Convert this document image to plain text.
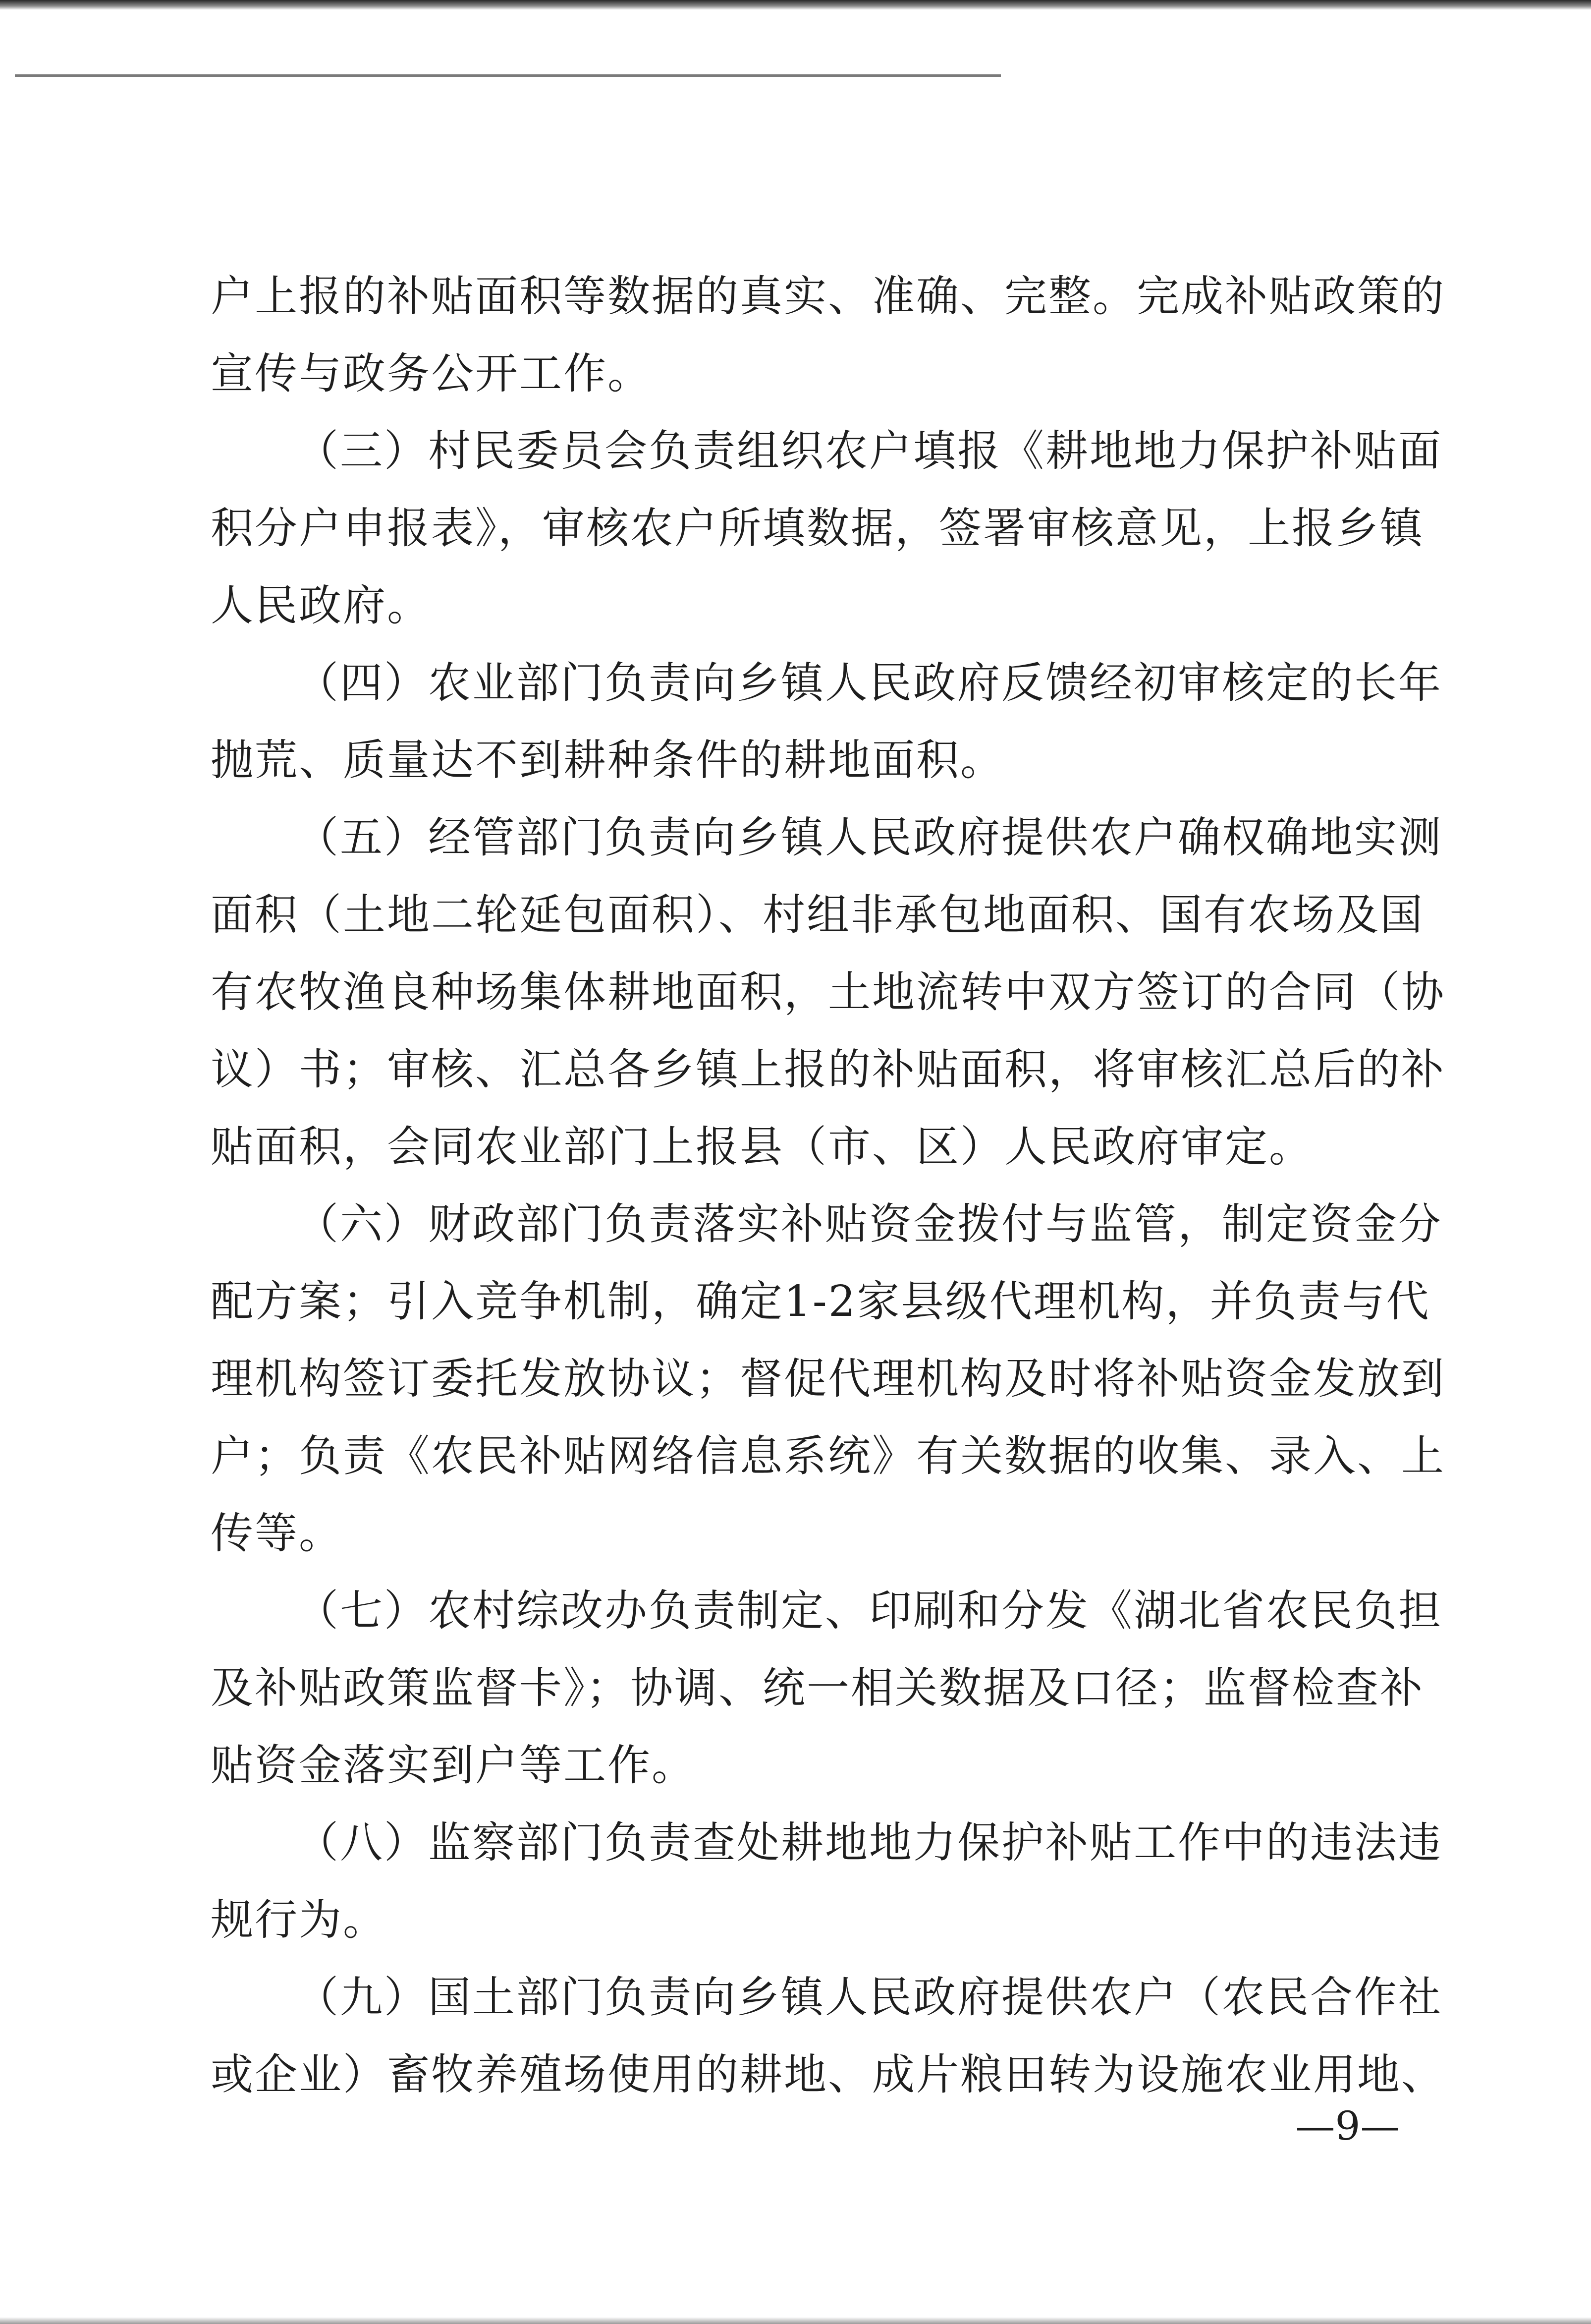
户上报的补贴面积等数据的真实、准确、完整。完成补贴政策的
宣传与政务公开工作。
（三）村民委员会负责组织农户填报《耕地地力保护补贴面
积分户申报表》，审核农户所填数据，签署审核意见，上报乡镇
人民政府。
（四）农业部门负责向乡镇人民政府反馈经初审核定的长年
抛荒、质量达不到耕种条件的耕地面积。
（五）经管部门负责向乡镇人民政府提供农户确权确地实测
面积（土地二轮延包面积）、村组非承包地面积、国有农场及国
有农牧渔良种场集体耕地面积，土地流转中双方签订的合同（协
议）书；审核、汇总各乡镇上报的补贴面积，将审核汇总后的补
贴面积，会同农业部门上报县（市、区）人民政府审定。
（六）财政部门负责落实补贴资金拨付与监管，制定资金分
配方案；引入竞争机制，确定1-2家县级代理机构，并负责与代
理机构签订委托发放协议；督促代理机构及时将补贴资金发放到
户；负责《农民补贴网络信息系统》有关数据的收集、录入、上
传等。
（七）农村综改办负责制定、印刷和分发《湖北省农民负担
及补贴政策监督卡》；协调、统一相关数据及口径；监督检查补
贴资金落实到户等工作。
（八）监察部门负责查处耕地地力保护补贴工作中的违法违
规行为。
（九）国土部门负责向乡镇人民政府提供农户（农民合作社
或企业）畜牧养殖场使用的耕地、成片粮田转为设施农业用地、
—9—
